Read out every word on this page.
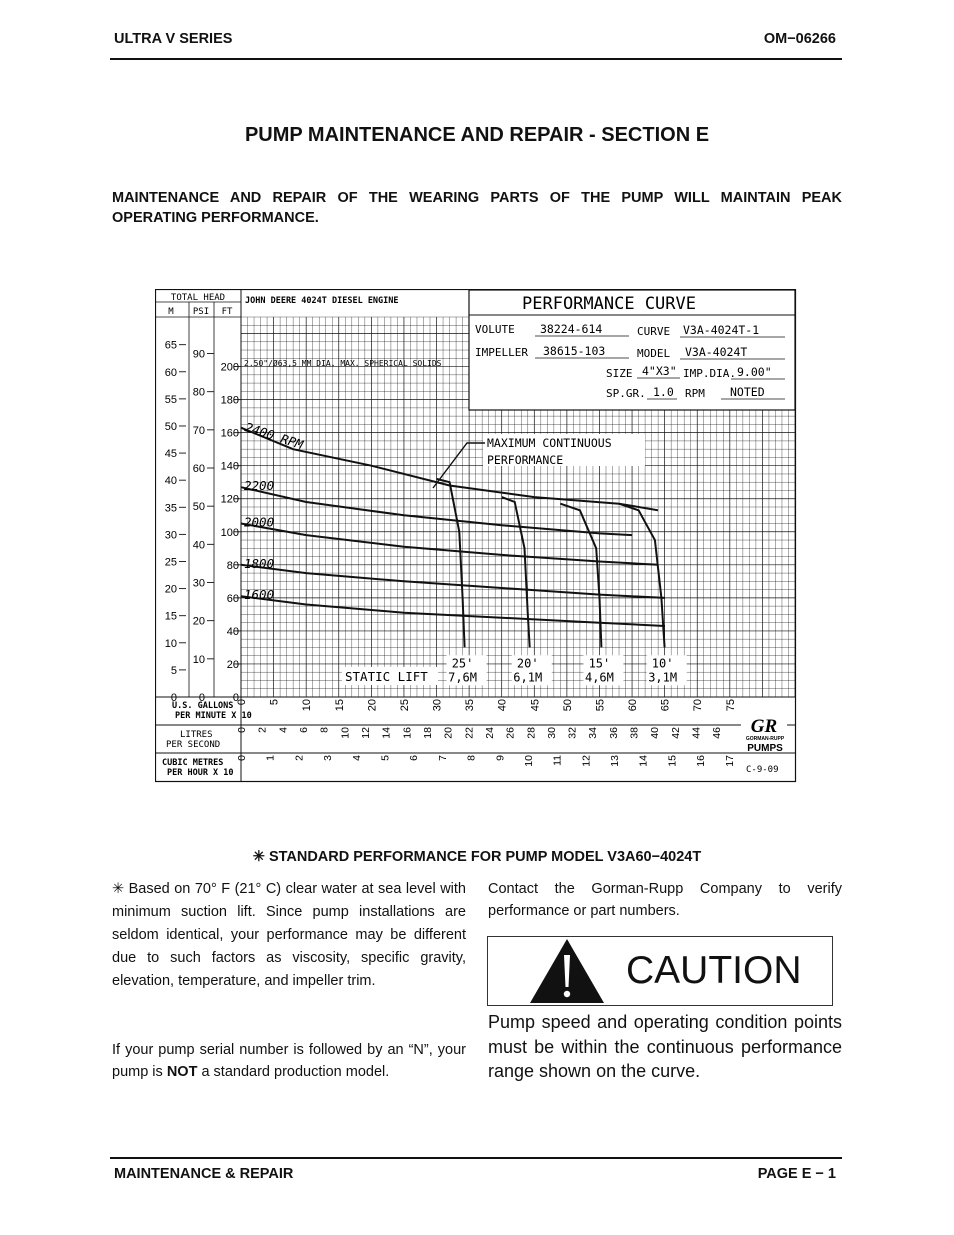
ULTRA V SERIES	OM−06266
PUMP MAINTENANCE AND REPAIR - SECTION E
MAINTENANCE AND REPAIR OF THE WEARING PARTS OF THE PUMP WILL MAINTAIN PEAK OPERATING PERFORMANCE.
TOTAL HEAD
M PSI FT
JOHN DEERE 4024T DIESEL ENGINE
2.50"/Ø63,5 MM DIA. MAX. SPHERICAL SOLIDS
65
60
55
50
45
40
35
30
25
20
15
10
5
0
90
80
70
60
50
40
30
20
10
0
200
180
160
140
120
100
80
60
40
20
0
2400 RPM
2200
2000
1800
1600
25'
7,6M
20'
6,1M
15'
4,6M
10'
3,1M
0 5 10 15 20 25 30 35 40 45 50 55 60 65 70 75
0 2 4 6 8 10 12 14 16 18 20 22 24 26 28 30 32 34 36 38 40 42 44 46
0 1 2 3 4 5 6 7 8 9 10 11 12 13 14 15 16 17
PERFORMANCE CURVE
VOLUTE 38224-614	CURVE V3A-4024T-1
IMPELLER 38615-103	MODEL V3A-4024T
SIZE 4"X3" IMP.DIA. 9.00"
SP.GR. 1.0 RPM NOTED
MAXIMUM CONTINUOUS
PERFORMANCE
STATIC LIFT
U.S. GALLONS
PER MINUTE X 10
LITRES
PER SECOND
CUBIC METRES
PER HOUR X 10
GR
GORMAN-RUPP
PUMPS
C-9-09
✳ STANDARD PERFORMANCE FOR PUMP MODEL V3A60−4024T
✳ Based on 70° F (21° C) clear water at sea level with minimum suction lift. Since pump installations are seldom identical, your performance may be different due to such factors as viscosity, specific gravity, elevation, temperature, and impeller trim.
If your pump serial number is followed by an “N”, your pump is NOT a standard production model.
Contact the Gorman-Rupp Company to verify performance or part numbers.
CAUTION
Pump speed and operating condition points must be within the continuous performance range shown on the curve.
MAINTENANCE & REPAIR	PAGE E − 1
